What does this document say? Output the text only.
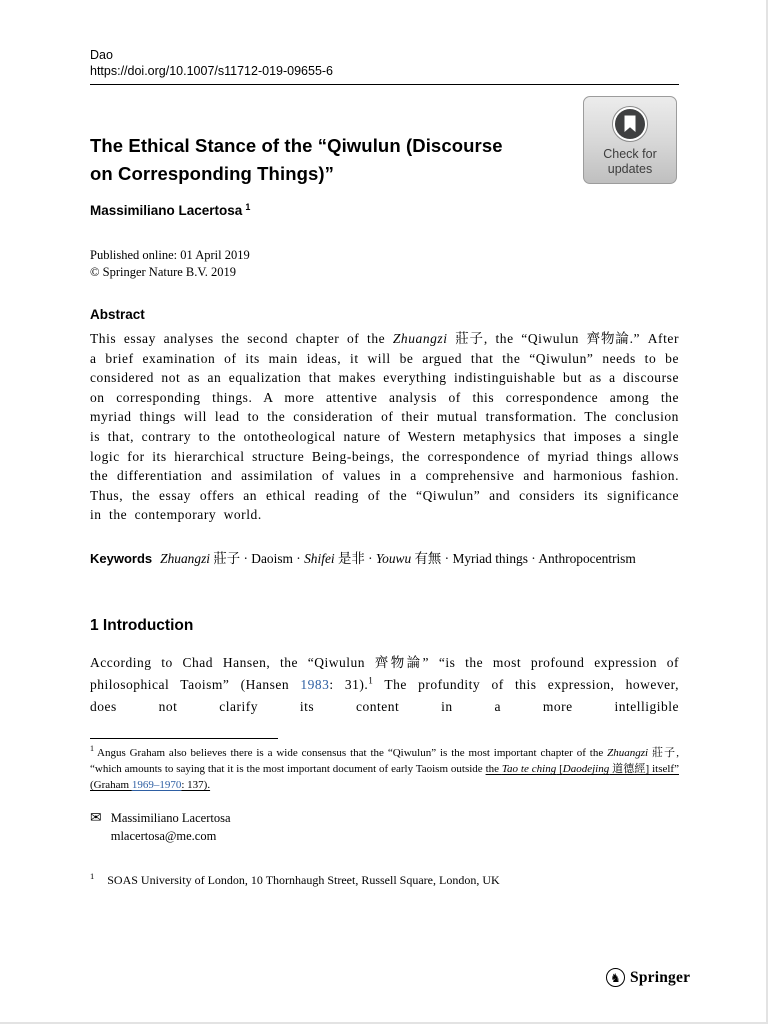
Dao
https://doi.org/10.1007/s11712-019-09655-6
Check for
updates
The Ethical Stance of the “Qiwulun (Discourse
on Corresponding Things)”
Massimiliano Lacertosa $^1$
Published online: 01 April 2019
© Springer Nature B.V. 2019
Abstract

This essay analyses the second chapter of the Zhuangzi 莊子, the “Qiwulun 齊物論.” After a brief examination of its main ideas, it will be argued that the “Qiwulun” needs to be considered not as an equalization that makes everything indistinguishable but as a discourse on corresponding things. A more attentive analysis of this correspondence among the myriad things will lead to the consideration of their mutual transformation. The conclusion is that, contrary to the ontotheological nature of Western metaphysics that imposes a single logic for its hierarchical structure Being-beings, the correspondence of myriad things allows the differentiation and assimilation of values in a comprehensive and harmonious fashion. Thus, the essay offers an ethical reading of the “Qiwulun” and considers its significance in the contemporary world.

Keywords Zhuangzi 莊子 · Daoism · Shifei 是非 · Youwu 有無 · Myriad things · Anthropocentrism

1 Introduction

According to Chad Hansen, the “Qiwulun 齊物論” “is the most profound expression of philosophical Taoism” (Hansen 1983: 31).$^1$ The profundity of this expression, however, does not clarify its content in a more intelligible

$^1$ Angus Graham also believes there is a wide consensus that the “Qiwulun” is the most important chapter of the Zhuangzi 莊子, “which amounts to saying that it is the most important document of early Taoism outside the Tao te ching [Daodejing 道德經] itself” (Graham 1969–1970: 137).

✉ Massimiliano Lacertosa
mlacertosa@me.com
$^1$ SOAS University of London, 10 Thornhaugh Street, Russell Square, London, UK
♞ Springer
